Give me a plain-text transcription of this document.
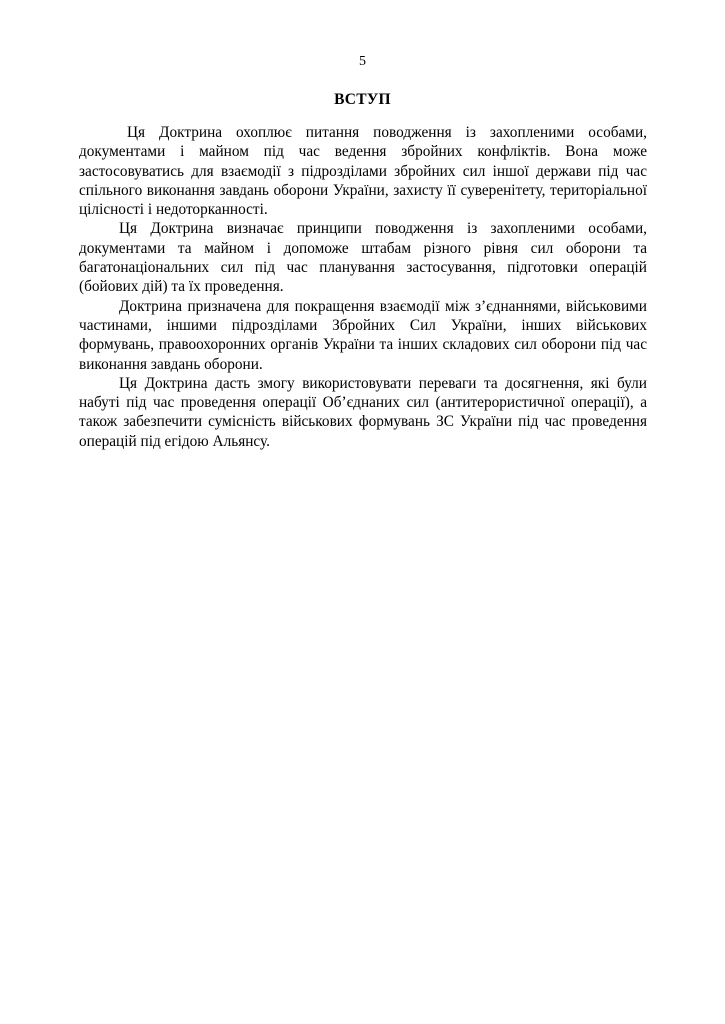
5
ВСТУП

Ця Доктрина охоплює питання поводження із захопленими особами, документами і майном під час ведення збройних конфліктів. Вона може застосовуватись для взаємодії з підрозділами збройних сил іншої держави під час спільного виконання завдань оборони України, захисту її суверенітету, територіальної цілісності і недоторканності.

Ця Доктрина визначає принципи поводження із захопленими особами, документами та майном і допоможе штабам різного рівня сил оборони та багатонаціональних сил під час планування застосування, підготовки операцій (бойових дій) та їх проведення.

Доктрина призначена для покращення взаємодії між з’єднаннями, військовими частинами, іншими підрозділами Збройних Сил України, інших військових формувань, правоохоронних органів України та інших складових сил оборони під час виконання завдань оборони.

Ця Доктрина дасть змогу використовувати переваги та досягнення, які були набуті під час проведення операції Об’єднаних сил (антитерористичної операції), а також забезпечити сумісність військових формувань ЗС України під час проведення операцій під егідою Альянсу.
